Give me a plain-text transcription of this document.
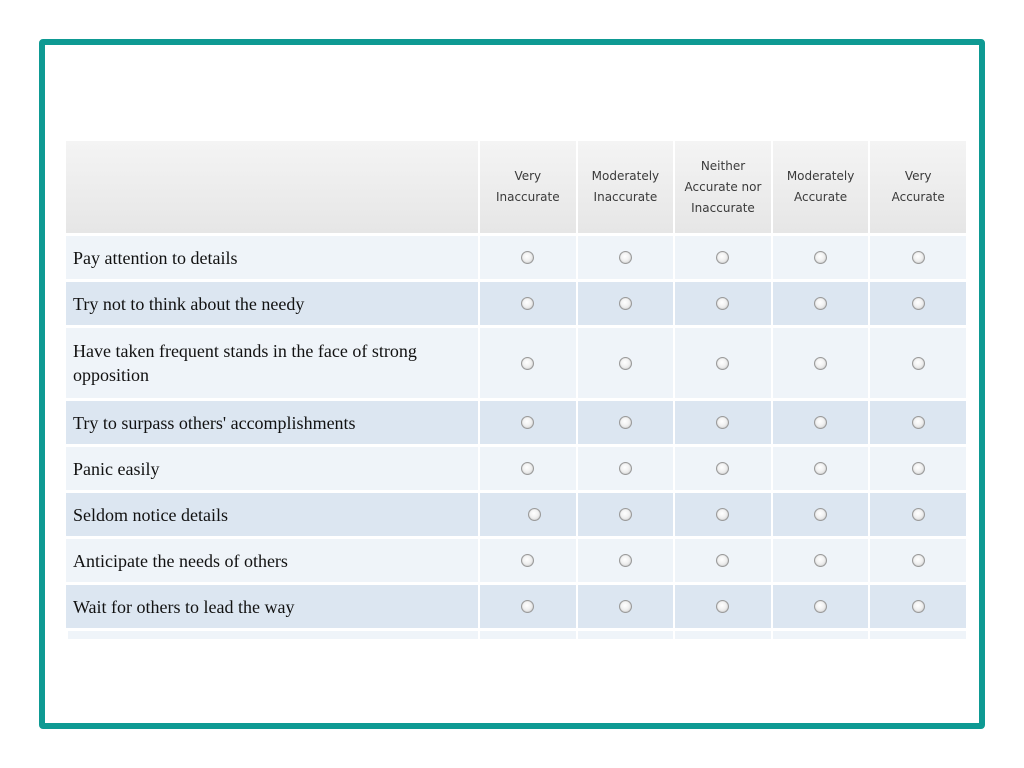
	Very Inaccurate	Moderately Inaccurate	Neither Accurate nor Inaccurate	Moderately Accurate	Very Accurate
Pay attention to details					
Try not to think about the needy					
Have taken frequent stands in the face of strong opposition					
Try to surpass others' accomplishments					
Panic easily					
Seldom notice details					
Anticipate the needs of others					
Wait for others to lead the way					
